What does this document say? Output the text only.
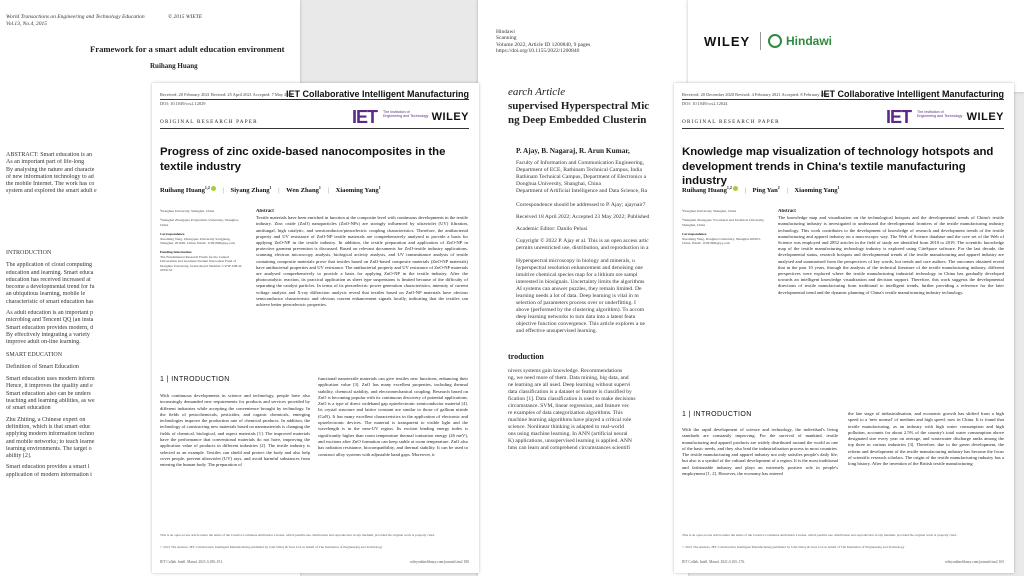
World Transactions on Engineering and Technology Education
Vol.13, No.4, 2015
© 2015 WIETE
Framework for a smart adult education environment
Ruihang Huang

ABSTRACT: Smart education is an
As an important part of life-long
By analysing the nature and characte
of new information technology to ad
the mobile Internet. The work has co
system and explored the smart adult e

INTRODUCTION

The application of cloud computing
education and learning. Smart educa
education has received increased at
become a developmental trend for fu
an ubiquitous learning, mobile le
characteristic of smart education has

As adult education is an important p
microblog and Tencent QQ (an insta
Smart education provides modern, d
By effectively integrating a variety
improve adult on-line learning.

SMART EDUCATION
Definition of Smart Education

Smart education uses modern inform
Hence, it improves the quality and e
Smart education also can be unders
teaching and learning abilities, as we
of smart education

Zhu Zhiting, a Chinese expert on
definition, which is that smart educ
applying modern information techno
and mobile networks; to teach learne
learning environments. The target o
ability [2].

Smart education provides a smart l
application of modern information t

Hindawi
Scanning
Volume 2022, Article ID 1200840, 9 pages
https://doi.org/10.1155/2022/1200840
earch Article
supervised Hyperspectral Mic
ng Deep Embedded Clusterin
P. Ajay, B. Nagaraj, R. Arun Kumar,
Faculty of Information and Communication Engineering,
Department of ECE, Rathinam Technical Campus, India
Rathinam Technical Campus, Department of Electronics a
Donghua University, Shanghai, China
Department of Artificial Intelligence and Data Science, Ra

Correspondence should be addressed to P. Ajay; ajaynair7

Received 18 April 2022; Accepted 23 May 2022; Published

Academic Editor: Danilo Pelusi

Copyright © 2022 P. Ajay et al. This is an open access artic
permits unrestricted use, distribution, and reproduction in a
Hyperspectral microscopy in biology and minerals, u
hyperspectral resolution enhancement and denoising one
intuitive chemical species map for a lithium ore sampl
interested in biosignals. Uncertainty limits the algorithms
AI systems can answer puzzles, they remain limited. De
learning needs a lot of data. Deep learning is vital in m
selection of parameters process over or underfitting. I
above (performed by the clustering algorithm). To accom
deep learning networks to turn data into a latent featu
objective function convergence. This article explores a ne
and effective unsupervised learning.
troduction
nivers systems gain knowledge. Recommendations
ng, we need more of them. Data mining, big data, and
ne learning are all used. Deep learning without supervi
data classification is a dataset or feature is classified by
fication [1]. Data classification is used to make decisions
circumstance. SVM, linear regression, and feature vec
re examples of data categorization algorithms. This
machine learning algorithms have played a critical role
science. Nonlinear thinking is adapted to real-world
ons using machine learning. In ANN (artificial neural
K) applications, unsupervised learning is applied. ANN
hms can learn and comprehend circumstances scientifi
WILEY	Hindawi
Received: 20 February 2021 Revised: 25 April 2021 Accepted: 7 May 2021
DOI: 10.1049/ccs2.12029
IET Collaborative Intelligent Manufacturing
IET The Institution of
Engineering and Technology WILEY
ORIGINAL RESEARCH PAPER
Progress of zinc oxide-based nanocomposites in the textile industry
Ruihang Huang$^{1,2}$ | Siyang Zhang$^1$ | Wen Zhang$^1$ | Xiaoming Yang$^1$
¹Donghua University, Shanghai, China
²Shanghai Zhongqiao Polytechnic University, Shanghai, China
Correspondence
Xiaoming Yang, Zhongqiao University Songjiang, Shanghai, 201620, China. Email: 11091806@qq.com
Funding information
The Fundamental Research Funds for the Central Universities and Graduate Student Innovation Fund of Donghua University, Grant/Award Number: CUSF-DH-D-2019152
Abstract
Textile materials have been enriched in function at the composite level with continuous developments in the textile industry. Zinc oxide (ZnO) nanoparticles (ZnO-NPs) are strongly influenced by ultraviolet (UV) filtration, antifungal, high catalytic, and semiconductor/piezoelectric coupling characteristics. Therefore, the antibacterial property and UV resistance of ZnO-NP textile materials are comprehensively analysed to provide a basis for applying ZnO-NP in the textile industry. In addition, the textile preparation and application of ZnO-NP in protective garment prevention is discussed. Based on relevant documents for ZnO-textile industry applications, scanning electron microscopy analysis, biological activity analysis, and UV transmittance analysis of textile containing composite materials prove that textiles based on ZnO-based composite materials (ZnO-NP materials) have antibacterial properties and UV resistance. The antibacterial property and UV resistance of ZnO-NP materials are analysed comprehensively to provide a basis for applying ZnO-NP in the textile industry. After the photocatalytic reaction, its practical application as sheet type suspensions is limited because of the difficulty of separating the catalyst particles. In terms of its piezoelectric power generation characteristics, intensity of current voltage analysis and X-ray diffraction analysis reveal that textiles based on ZnO-NP materials have obvious semiconductor characteristic and obvious current enhancement signals locally, indicating that the textiles can achieve better piezoelectric properties.
1 | INTRODUCTION
With continuous developments in science and technology, people have also increasingly demanded new requirements for products and services provided by different industries while accepting the convenience brought by technology. In the fields of petrochemicals, pesticides, and organic chemicals, emerging technologies improve the production rate of chemical products. In addition, the technology of constructing new materials based on nanomaterials is changing the fields of chemical, biological, and aspect materials [1]. The improved materials have the performance that conventional materials do not have, improving the application value of products in different industries [2]. The textile industry is selected as an example. Textiles can shield and protect the body and also help cover people, prevent ultraviolet (UV) rays, and avoid harmful substances from entering the human body. The preparation of
functional nanotextile materials can give textiles new functions, enhancing their application value [3]. ZnO has many excellent properties, including thermal stability, chemical stability, and electromechanical coupling. Research based on ZnO is becoming popular with its continuous discovery of potential applications. ZnO is a type of direct wideband gap optoelectronic semiconductor material [4]. Its crystal structure and lattice constant are similar to those of gallium nitride (GaN). It has many excellent characteristics in the application of electronic and optoelectronic devices. The material is transparent to visible light and the wavelength is in the near-UV region. Its exciton binding energy index is significantly higher than room temperature thermal ionisation energy (26 meV), and excitons after ZnO formation can keep stable at room temperature. ZnO also has radiation resistance, biocompatibility, and thermal stability. It can be used to construct alloy systems with adjustable band gaps. Moreover, it
This is an open access article under the terms of the Creative Commons Attribution License, which permits use, distribution and reproduction in any medium, provided the original work is properly cited.
© 2021 The Authors. IET Collaborative Intelligent Manufacturing published by John Wiley & Sons Ltd on behalf of The Institution of Engineering and Technology
IET Collab. Intell. Manuf. 2021;3:180–191.	wileyonlinelibrary.com/journal/cim2 180
Received: 20 December 2020 Revised: 4 February 2021 Accepted: 8 February 2021
DOI: 10.1049/ccs2.12024
IET Collaborative Intelligent Manufacturing
IET The Institution of
Engineering and Technology WILEY
ORIGINAL RESEARCH PAPER
Knowledge map visualization of technology hotspots and development trends in China's textile manufacturing industry
Ruihang Huang$^{1,2}$ | Ping Yan$^2$ | Xiaoming Yang$^1$
¹Donghua University, Shanghai, China
²Shanghai Zhongqiao Vocational and Technical University, Shanghai, China
Correspondence
Xiaoming Yang, Donghua University, Shanghai 200051, China. Email: 11091806@qq.com
Abstract
The knowledge map and visualization on the technological hotspots and the developmental trends of China's textile manufacturing industry is investigated to understand the developmental frontiers of the textile manufacturing industry technology. This work contributes to the development of knowledge of research and development trends of the textile manufacturing and apparel industry on a macroscopic way. The Web of Science database and the core set of the Web of Science was employed and 2852 articles in the field of study are identified from 2010 to 2019. The scientific knowledge map of the textile manufacturing technology industry is explored using CiteSpace software. For the last decade, the developmental status, research hotspots and developmental trends of the textile manufacturing and apparel industry are analysed and summarised from the perspectives of key words, hot trends and core authors. The outcomes obtained reveal that in the past 10 years, through the analysis of the technical literature of the textile manufacturing industry, different perspectives were explored where the textile manufacturing industrial technology in China has gradually developed towards an intelligent knowledge visualization and decision support. Therefore, this work suggests the developmental directions of textile manufacturing from traditional to intelligent trends, further providing a reference for the later developmental trend and the dynamic planning of China's textile manufacturing industry technology.
1 | INTRODUCTION
With the rapid development of science and technology, the individual's living standards are constantly improving. For the survival of mankind, textile manufacturing and apparel products are widely distributed around the world as one of the basic needs, and they also lead the industrialisation process in most countries. The textile manufacturing and apparel industry not only satisfies people's daily life, but also is a symbol of the cultural development of a region. It is the most traditional and fashionable industry and plays an extremely positive role in people's employment [1, 2]. However, the economy has entered
the late stage of industrialisation, and economic growth has shifted from a high speed to a 'new normal' of medium and high speed, now in China. It is found that textile manufacturing, as an industry with high water consumption and high pollution, accounts for about 2.5% of the country's total water consumption above designated size every year on average, and wastewater discharge ranks among the top three in various industries [3]. Therefore, due to the green development, the reform and development of the textile manufacturing industry has become the focus of scientific research scholars. The origin of the textile manufacturing industry has a long history. After the invention of the British textile manufacturing
This is an open access article under the terms of the Creative Commons Attribution License, which permits use, distribution and reproduction in any medium, provided the original work is properly cited.
© 2021 The Authors. IET Collaborative Intelligent Manufacturing published by John Wiley & Sons Ltd on behalf of The Institution of Engineering and Technology
IET Collab. Intell. Manuf. 2021;3:165–176.	wileyonlinelibrary.com/journal/cim2 165
